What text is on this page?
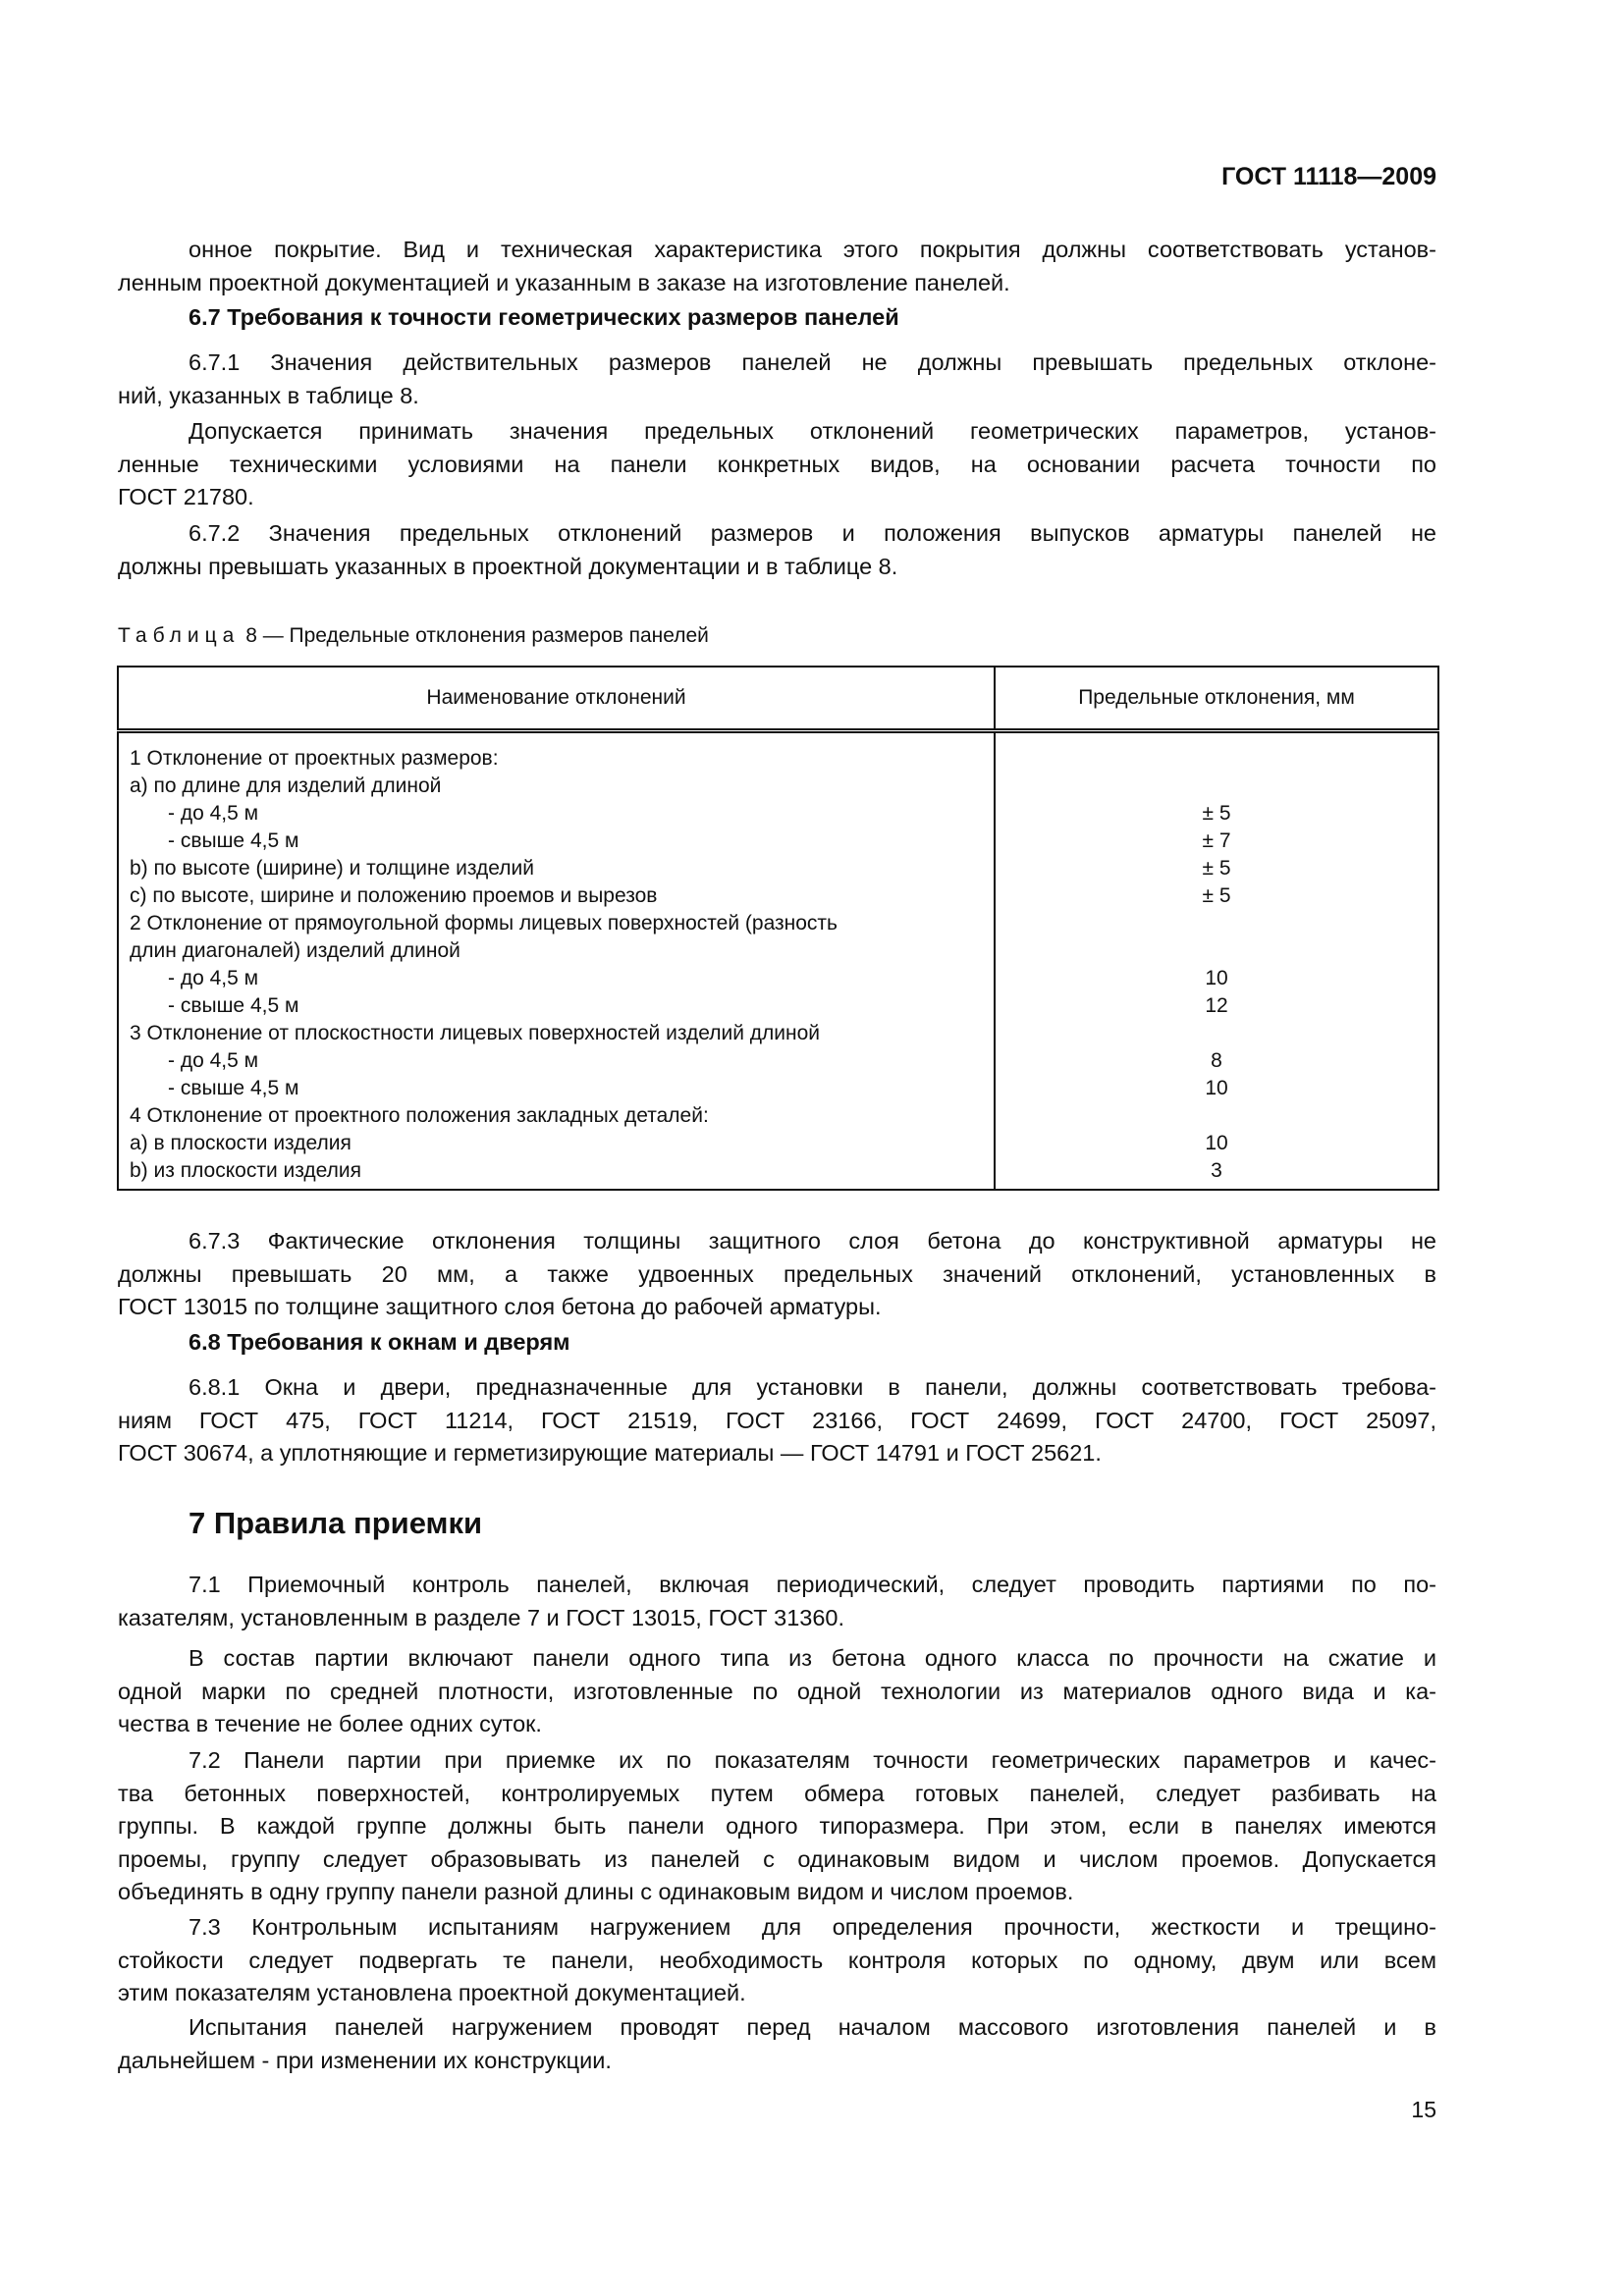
ГОСТ 11118—2009
онное покрытие. Вид и техническая характеристика этого покрытия должны соответствовать установ-
ленным проектной документацией и указанным в заказе на изготовление панелей.
6.7 Требования к точности геометрических размеров панелей
6.7.1 Значения действительных размеров панелей не должны превышать предельных отклоне-
ний, указанных в таблице 8.
Допускается принимать значения предельных отклонений геометрических параметров, установ-
ленные техническими условиями на панели конкретных видов, на основании расчета точности по
ГОСТ 21780.
6.7.2 Значения предельных отклонений размеров и положения выпусков арматуры панелей не
должны превышать указанных в проектной документации и в таблице 8.
Таблица 8 — Предельные отклонения размеров панелей
Наименование отклонений	Предельные отклонения, мм
1 Отклонение от проектных размеров:	
а) по длине для изделий длиной	
- до 4,5 м	± 5
- свыше 4,5 м	± 7
b) по высоте (ширине) и толщине изделий	± 5
c) по высоте, ширине и положению проемов и вырезов	± 5
2 Отклонение от прямоугольной формы лицевых поверхностей (разность	
длин диагоналей) изделий длиной	
- до 4,5 м	10
- свыше 4,5 м	12
3 Отклонение от плоскостности лицевых поверхностей изделий длиной	
- до 4,5 м	8
- свыше 4,5 м	10
4 Отклонение от проектного положения закладных деталей:	
а) в плоскости изделия	10
b) из плоскости изделия	3
6.7.3 Фактические отклонения толщины защитного слоя бетона до конструктивной арматуры не
должны превышать 20 мм, а также удвоенных предельных значений отклонений, установленных в
ГОСТ 13015 по толщине защитного слоя бетона до рабочей арматуры.
6.8 Требования к окнам и дверям
6.8.1 Окна и двери, предназначенные для установки в панели, должны соответствовать требова-
ниям ГОСТ 475, ГОСТ 11214, ГОСТ 21519, ГОСТ 23166, ГОСТ 24699, ГОСТ 24700, ГОСТ 25097,
ГОСТ 30674, а уплотняющие и герметизирующие материалы — ГОСТ 14791 и ГОСТ 25621.
7 Правила приемки
7.1 Приемочный контроль панелей, включая периодический, следует проводить партиями по по-
казателям, установленным в разделе 7 и ГОСТ 13015, ГОСТ 31360.
В состав партии включают панели одного типа из бетона одного класса по прочности на сжатие и
одной марки по средней плотности, изготовленные по одной технологии из материалов одного вида и ка-
чества в течение не более одних суток.
7.2 Панели партии при приемке их по показателям точности геометрических параметров и качес-
тва бетонных поверхностей, контролируемых путем обмера готовых панелей, следует разбивать на
группы. В каждой группе должны быть панели одного типоразмера. При этом, если в панелях имеются
проемы, группу следует образовывать из панелей с одинаковым видом и числом проемов. Допускается
объединять в одну группу панели разной длины с одинаковым видом и числом проемов.
7.3 Контрольным испытаниям нагружением для определения прочности, жесткости и трещино-
стойкости следует подвергать те панели, необходимость контроля которых по одному, двум или всем
этим показателям установлена проектной документацией.
Испытания панелей нагружением проводят перед началом массового изготовления панелей и в
дальнейшем - при изменении их конструкции.
15
